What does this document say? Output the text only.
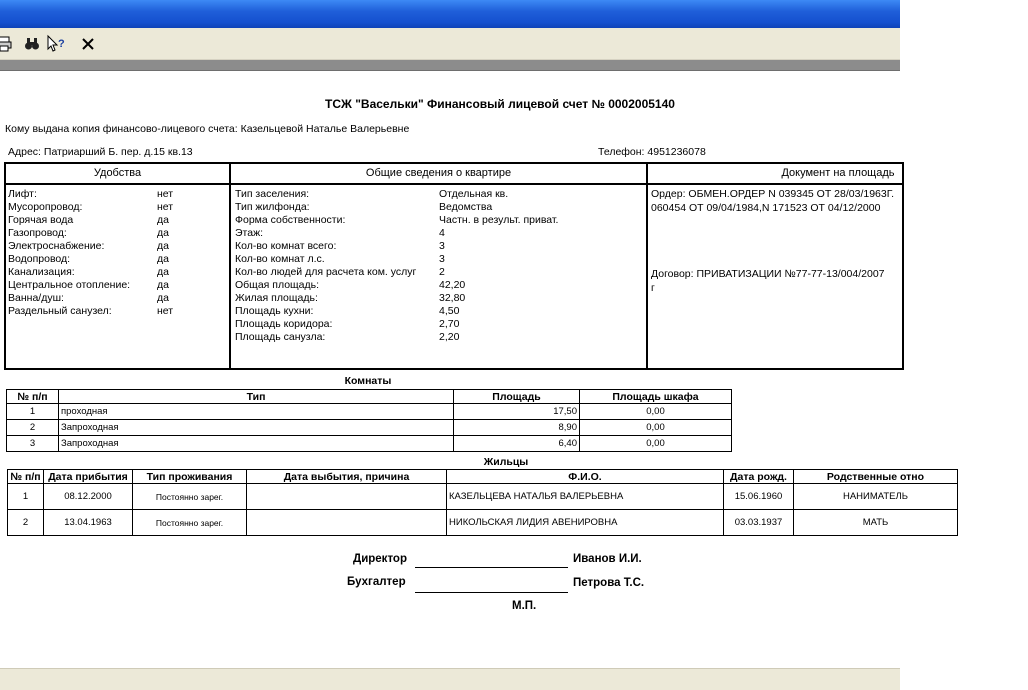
?
ТСЖ "Васельки" Финансовый лицевой счет № 0002005140
Кому выдана копия финансово-лицевого счета: Казельцевой Наталье Валерьевне
Адрес: Патриарший Б. пер. д.15 кв.13	Телефон: 4951236078
Удобства	Общие сведения о квартире	Документ на площадь
Лифт:	нет
Мусоропровод:	нет
Горячая вода	да
Газопровод:	да
Электроснабжение:	да
Водопровод:	да
Канализация:	да
Центральное отопление:	да
Ванна/душ:	да
Раздельный санузел:	нет
Тип заселения:	Отдельная кв.
Тип жилфонда:	Ведомства
Форма собственности:	Частн. в результ. приват.
Этаж:	4
Кол-во комнат всего:	3
Кол-во комнат л.с.	3
Кол-во людей для расчета ком. услуг 2
Общая площадь:	42,20
Жилая площадь:	32,80
Площадь кухни:	4,50
Площадь коридора:	2,70
Площадь санузла:	2,20
Ордер: ОБМЕН.ОРДЕР N 039345 ОТ 28/03/1963Г.
060454 ОТ 09/04/1984,N 171523 ОТ 04/12/2000
Договор: ПРИВАТИЗАЦИИ №77-77-13/004/2007
г
Комнаты
№ п/п	Тип	Площадь	Площадь шкафа
1	проходная	17,50	0,00
2	Запроходная	8,90	0,00
3	Запроходная	6,40	0,00
Жильцы
№ п/п	Дата прибытия	Тип проживания	Дата выбытия, причина	Ф.И.О.	Дата рожд.	Родственные отно
1	08.12.2000	Постоянно зарег.		КАЗЕЛЬЦЕВА НАТАЛЬЯ ВАЛЕРЬЕВНА	15.06.1960	НАНИМАТЕЛЬ
2	13.04.1963	Постоянно зарег.		НИКОЛЬСКАЯ ЛИДИЯ АВЕНИРОВНА	03.03.1937	МАТЬ
Директор	Иванов И.И.
Бухгалтер	Петрова Т.С.
М.П.
